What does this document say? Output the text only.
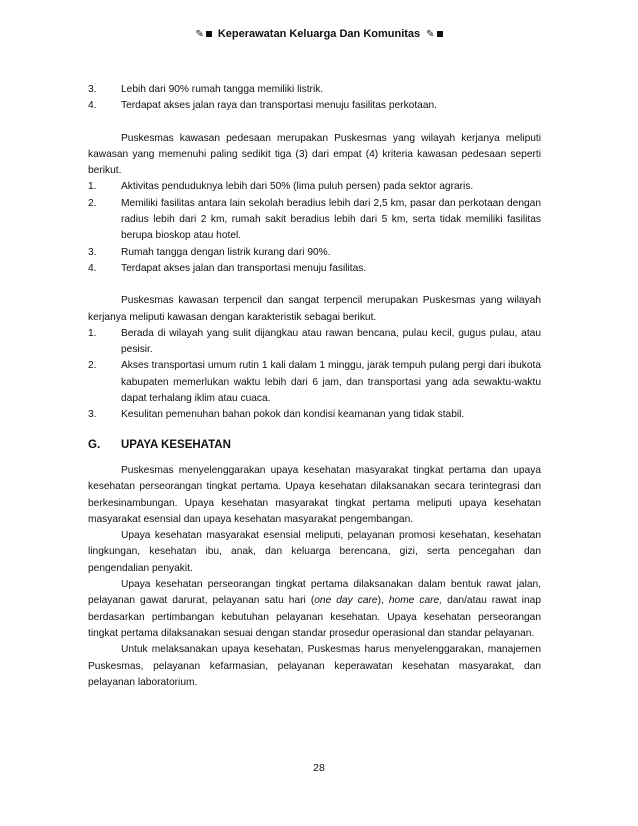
✎	Keperawatan Keluarga Dan Komunitas ✎
3.	Lebih dari 90% rumah tangga memiliki listrik.
4.	Terdapat akses jalan raya dan transportasi menuju fasilitas perkotaan.

Puskesmas kawasan pedesaan merupakan Puskesmas yang wilayah kerjanya meliputi kawasan yang memenuhi paling sedikit tiga (3) dari empat (4) kriteria kawasan pedesaan seperti berikut.

1.	Aktivitas penduduknya lebih dari 50% (lima puluh persen) pada sektor agraris.
2.	Memiliki fasilitas antara lain sekolah beradius lebih dari 2,5 km, pasar dan perkotaan dengan radius lebih dari 2 km, rumah sakit beradius lebih dari 5 km, serta tidak memiliki fasilitas berupa bioskop atau hotel.
3.	Rumah tangga dengan listrik kurang dari 90%.
4.	Terdapat akses jalan dan transportasi menuju fasilitas.

Puskesmas kawasan terpencil dan sangat terpencil merupakan Puskesmas yang wilayah kerjanya meliputi kawasan dengan karakteristik sebagai berikut.

1.	Berada di wilayah yang sulit dijangkau atau rawan bencana, pulau kecil, gugus pulau, atau pesisir.
2.	Akses transportasi umum rutin 1 kali dalam 1 minggu, jarak tempuh pulang pergi dari ibukota kabupaten memerlukan waktu lebih dari 6 jam, dan transportasi yang ada sewaktu-waktu dapat terhalang iklim atau cuaca.
3.	Kesulitan pemenuhan bahan pokok dan kondisi keamanan yang tidak stabil.
G.	UPAYA KESEHATAN

Puskesmas menyelenggarakan upaya kesehatan masyarakat tingkat pertama dan upaya kesehatan perseorangan tingkat pertama. Upaya kesehatan dilaksanakan secara terintegrasi dan berkesinambungan. Upaya kesehatan masyarakat tingkat pertama meliputi upaya kesehatan masyarakat esensial dan upaya kesehatan masyarakat pengembangan.

Upaya kesehatan masyarakat esensial meliputi, pelayanan promosi kesehatan, kesehatan lingkungan, kesehatan ibu, anak, dan keluarga berencana, gizi, serta pencegahan dan pengendalian penyakit.

Upaya kesehatan perseorangan tingkat pertama dilaksanakan dalam bentuk rawat jalan, pelayanan gawat darurat, pelayanan satu hari (one day care), home care, dan/atau rawat inap berdasarkan pertimbangan kebutuhan pelayanan kesehatan. Upaya kesehatan perseorangan tingkat pertama dilaksanakan sesuai dengan standar prosedur operasional dan standar pelayanan.

Untuk melaksanakan upaya kesehatan, Puskesmas harus menyelenggarakan, manajemen Puskesmas, pelayanan kefarmasian, pelayanan keperawatan kesehatan masyarakat, dan pelayanan laboratorium.

28
